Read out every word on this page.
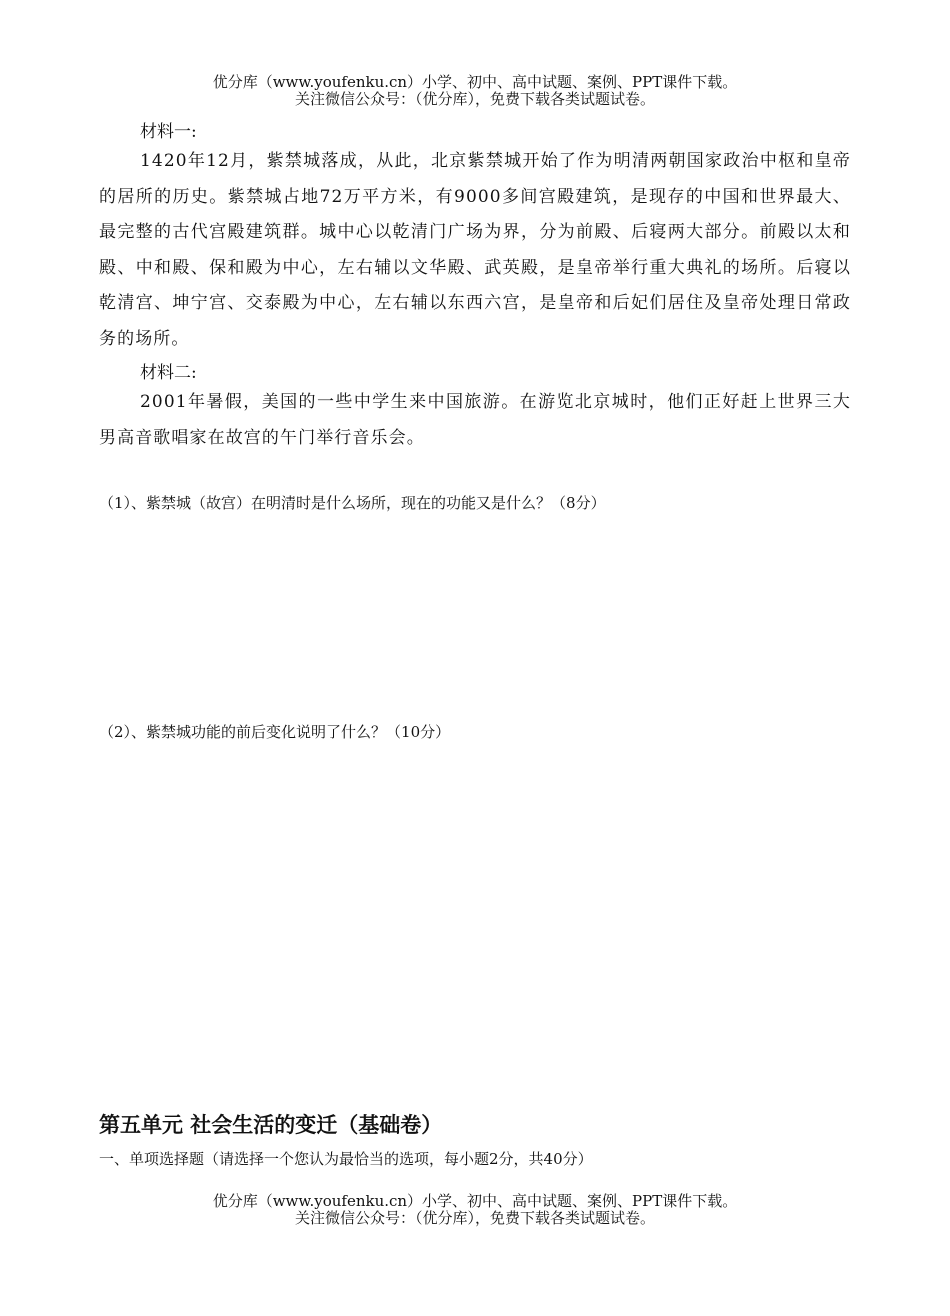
优分库（www.youfenku.cn）小学、初中、高中试题、案例、PPT课件下载。
关注微信公众号：（优分库），免费下载各类试题试卷。
材料一:
1420年12月，紫禁城落成，从此，北京紫禁城开始了作为明清两朝国家政治中枢和皇帝的居所的历史。紫禁城占地72万平方米，有9000多间宫殿建筑，是现存的中国和世界最大、最完整的古代宫殿建筑群。城中心以乾清门广场为界，分为前殿、后寝两大部分。前殿以太和殿、中和殿、保和殿为中心，左右辅以文华殿、武英殿，是皇帝举行重大典礼的场所。后寝以乾清宫、坤宁宫、交泰殿为中心，左右辅以东西六宫，是皇帝和后妃们居住及皇帝处理日常政务的场所。
材料二:
2001年暑假，美国的一些中学生来中国旅游。在游览北京城时，他们正好赶上世界三大男高音歌唱家在故宫的午门举行音乐会。
（1）、紫禁城（故宫）在明清时是什么场所，现在的功能又是什么？（8分）
（2）、紫禁城功能的前后变化说明了什么？（10分）
第五单元 社会生活的变迁（基础卷）
一、单项选择题（请选择一个您认为最恰当的选项，每小题2分，共40分）
优分库（www.youfenku.cn）小学、初中、高中试题、案例、PPT课件下载。
关注微信公众号：（优分库），免费下载各类试题试卷。
